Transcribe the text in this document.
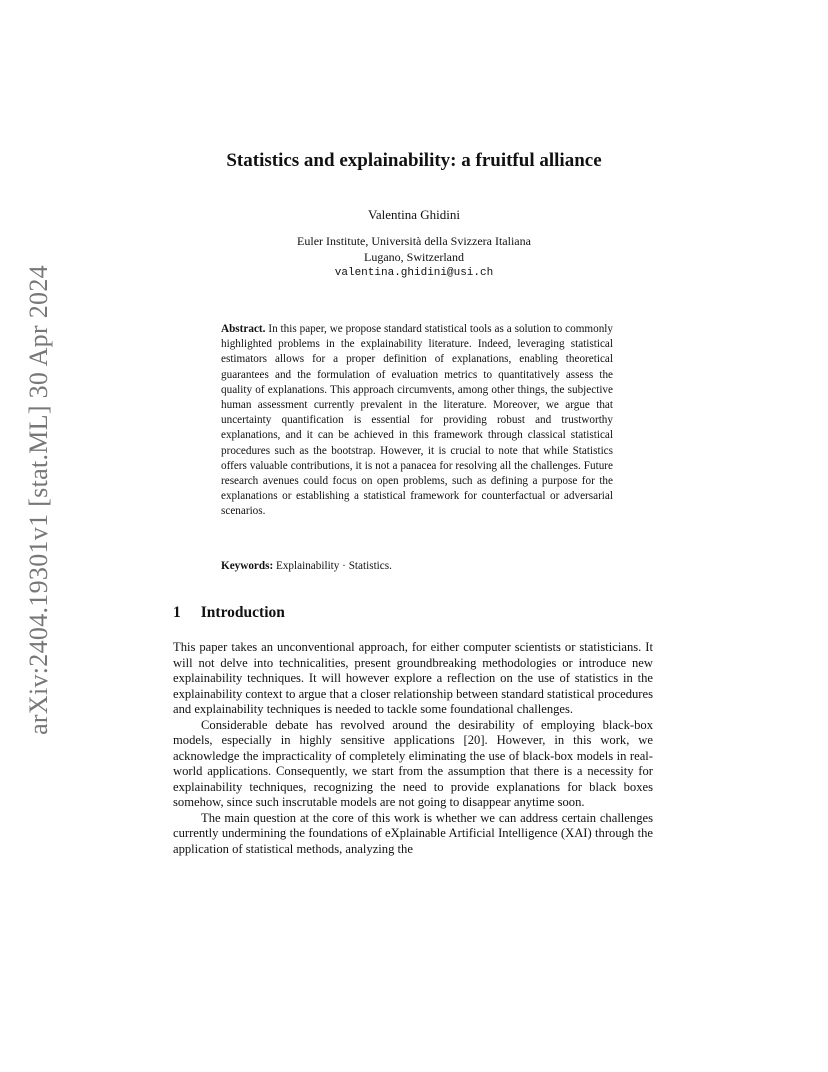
arXiv:2404.19301v1 [stat.ML] 30 Apr 2024
Statistics and explainability: a fruitful alliance
Valentina Ghidini
Euler Institute, Università della Svizzera Italiana
Lugano, Switzerland
valentina.ghidini@usi.ch

Abstract. In this paper, we propose standard statistical tools as a solution to commonly highlighted problems in the explainability literature. Indeed, leveraging statistical estimators allows for a proper definition of explanations, enabling theoretical guarantees and the formulation of evaluation metrics to quantitatively assess the quality of explanations. This approach circumvents, among other things, the subjective human assessment currently prevalent in the literature. Moreover, we argue that uncertainty quantification is essential for providing robust and trustworthy explanations, and it can be achieved in this framework through classical statistical procedures such as the bootstrap. However, it is crucial to note that while Statistics offers valuable contributions, it is not a panacea for resolving all the challenges. Future research avenues could focus on open problems, such as defining a purpose for the explanations or establishing a statistical framework for counterfactual or adversarial scenarios.

Keywords: Explainability · Statistics.

1 Introduction

This paper takes an unconventional approach, for either computer scientists or statisticians. It will not delve into technicalities, present groundbreaking methodologies or introduce new explainability techniques. It will however explore a reflection on the use of statistics in the explainability context to argue that a closer relationship between standard statistical procedures and explainability techniques is needed to tackle some foundational challenges.

Considerable debate has revolved around the desirability of employing black-box models, especially in highly sensitive applications [20]. However, in this work, we acknowledge the impracticality of completely eliminating the use of black-box models in real-world applications. Consequently, we start from the assumption that there is a necessity for explainability techniques, recognizing the need to provide explanations for black boxes somehow, since such inscrutable models are not going to disappear anytime soon.

The main question at the core of this work is whether we can address certain challenges currently undermining the foundations of eXplainable Artificial Intelligence (XAI) through the application of statistical methods, analyzing the
